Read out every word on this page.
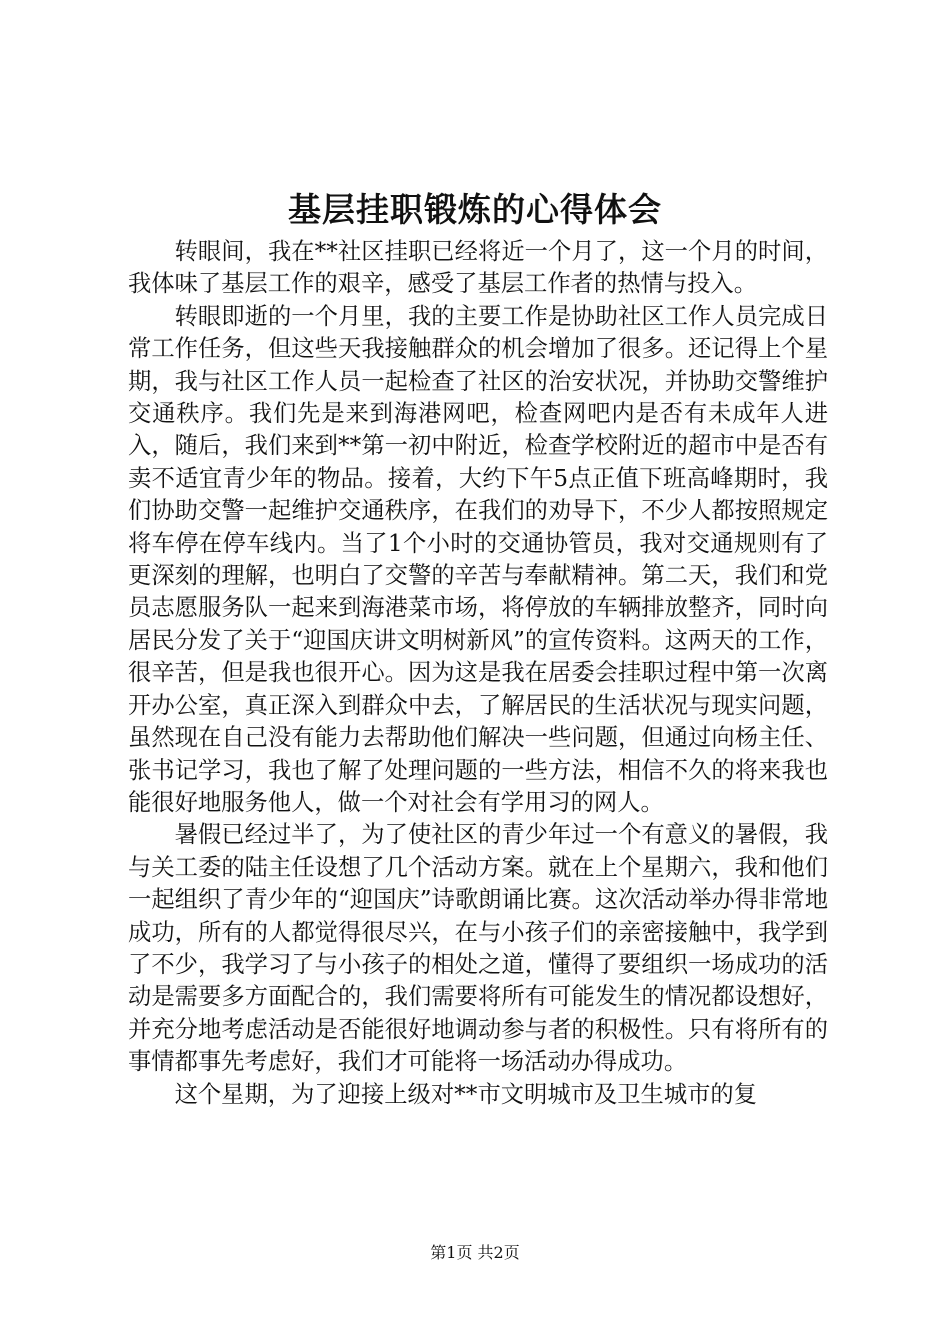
基层挂职锻炼的心得体会

转眼间，我在**社区挂职已经将近一个月了，这一个月的时间，我体味了基层工作的艰辛，感受了基层工作者的热情与投入。

转眼即逝的一个月里，我的主要工作是协助社区工作人员完成日常工作任务，但这些天我接触群众的机会增加了很多。还记得上个星期，我与社区工作人员一起检查了社区的治安状况，并协助交警维护交通秩序。我们先是来到海港网吧，检查网吧内是否有未成年人进入，随后，我们来到**第一初中附近，检查学校附近的超市中是否有卖不适宜青少年的物品。接着，大约下午5点正值下班高峰期时，我们协助交警一起维护交通秩序，在我们的劝导下，不少人都按照规定将车停在停车线内。当了1个小时的交通协管员，我对交通规则有了更深刻的理解，也明白了交警的辛苦与奉献精神。第二天，我们和党员志愿服务队一起来到海港菜市场，将停放的车辆排放整齐，同时向居民分发了关于“迎国庆讲文明树新风”的宣传资料。这两天的工作，很辛苦，但是我也很开心。因为这是我在居委会挂职过程中第一次离开办公室，真正深入到群众中去，了解居民的生活状况与现实问题，虽然现在自己没有能力去帮助他们解决一些问题，但通过向杨主任、张书记学习，我也了解了处理问题的一些方法，相信不久的将来我也能很好地服务他人，做一个对社会有学用习的网人。

暑假已经过半了，为了使社区的青少年过一个有意义的暑假，我与关工委的陆主任设想了几个活动方案。就在上个星期六，我和他们一起组织了青少年的“迎国庆”诗歌朗诵比赛。这次活动举办得非常地成功，所有的人都觉得很尽兴，在与小孩子们的亲密接触中，我学到了不少，我学习了与小孩子的相处之道，懂得了要组织一场成功的活动是需要多方面配合的，我们需要将所有可能发生的情况都设想好，并充分地考虑活动是否能很好地调动参与者的积极性。只有将所有的事情都事先考虑好，我们才可能将一场活动办得成功。

这个星期，为了迎接上级对**市文明城市及卫生城市的复

第1页 共2页
